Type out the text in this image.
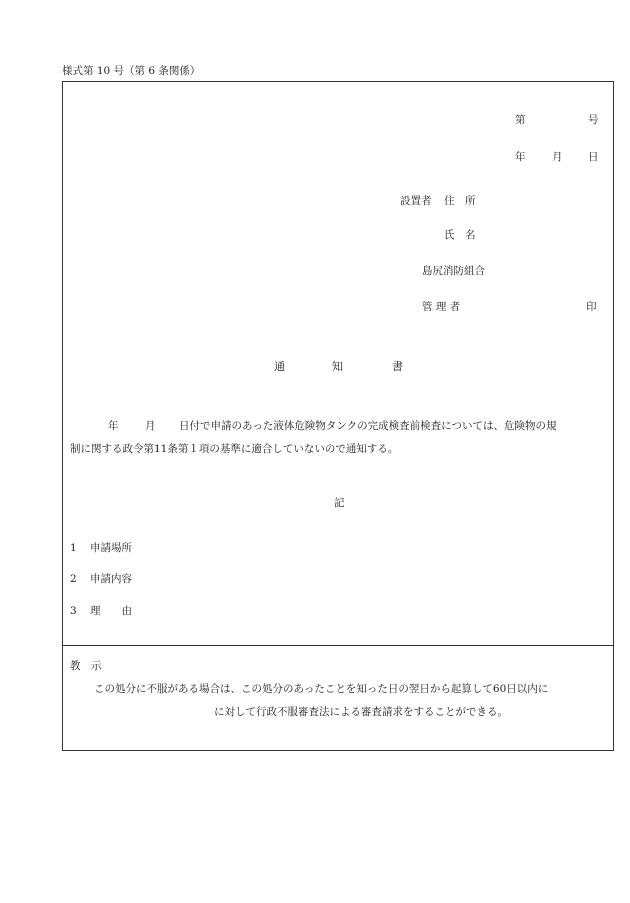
様式第 10 号（第 6 条関係）
第	号
年	月 日
設置者 住　所
氏　名
島尻消防組合
管 理 者	印
通	知	書
年	月 日付で申請のあった液体危険物タンクの完成検査前検査については、危険物の規
制に関する政令第11条第１項の基準に適合していないので通知する。
記
1 申請場所
2 申請内容
3 理　　由
教　示
この処分に不服がある場合は、この処分のあったことを知った日の翌日から起算して60日以内に
に対して行政不服審査法による審査請求をすることができる。
